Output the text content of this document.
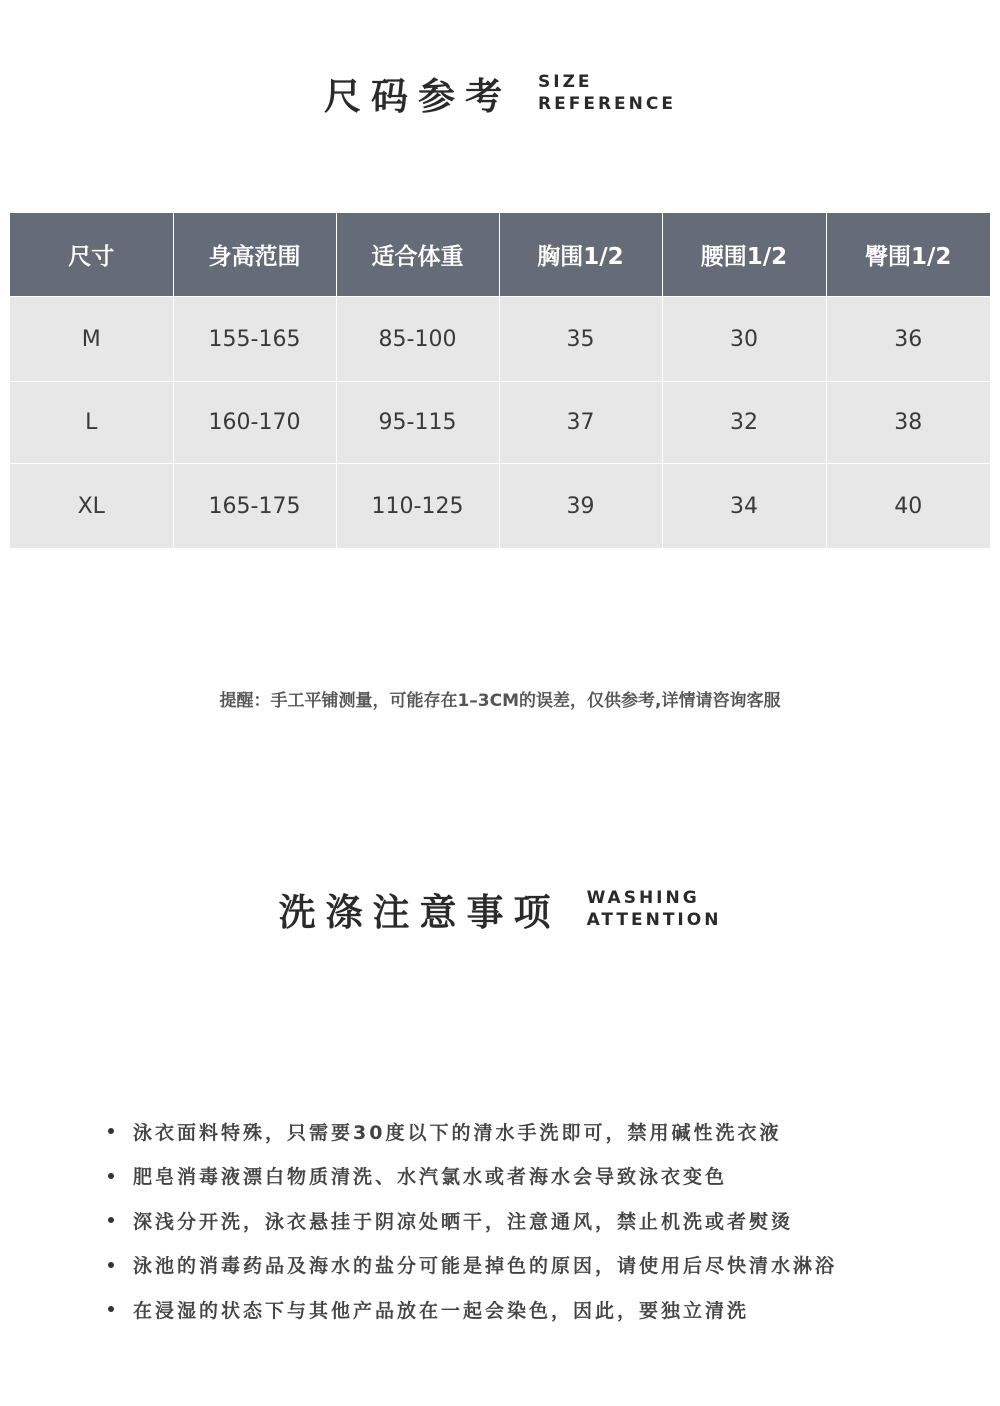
尺码参考 SIZE
REFERENCE
尺寸	身高范围	适合体重	胸围1/2	腰围1/2	臀围1/2
M	155-165	85-100	35	30	36
L	160-170	95-115	37	32	38
XL	165-175	110-125	39	34	40
提醒：手工平铺测量，可能存在1–3CM的误差，仅供参考,详情请咨询客服
洗涤注意事项 WASHING
ATTENTION
泳衣面料特殊，只需要30度以下的清水手洗即可，禁用碱性洗衣液
肥皂消毒液漂白物质清洗、水汽氯水或者海水会导致泳衣变色
深浅分开洗，泳衣悬挂于阴凉处晒干，注意通风，禁止机洗或者熨烫
泳池的消毒药品及海水的盐分可能是掉色的原因，请使用后尽快清水淋浴
在浸湿的状态下与其他产品放在一起会染色，因此，要独立清洗
